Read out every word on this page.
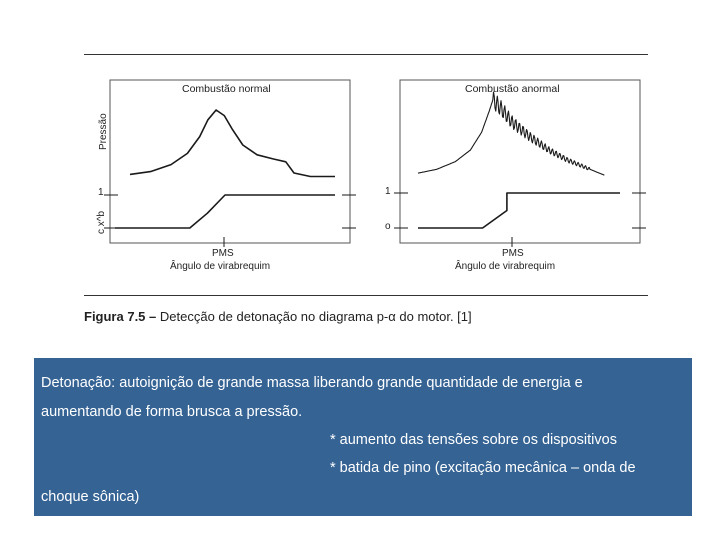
Pressão
c x^b
Combustão normal
1
PMS
Ângulo de virabrequim
Combustão anormal
1
o
PMS
Ângulo de virabrequim
Figura 7.5 – Detecção de detonação no diagrama p-α do motor. [1]
Detonação: autoignição de grande massa liberando grande quantidade de energia e
aumentando de forma brusca a pressão.
* aumento das tensões sobre os dispositivos
* batida de pino (excitação mecânica – onda de
choque sônica)
